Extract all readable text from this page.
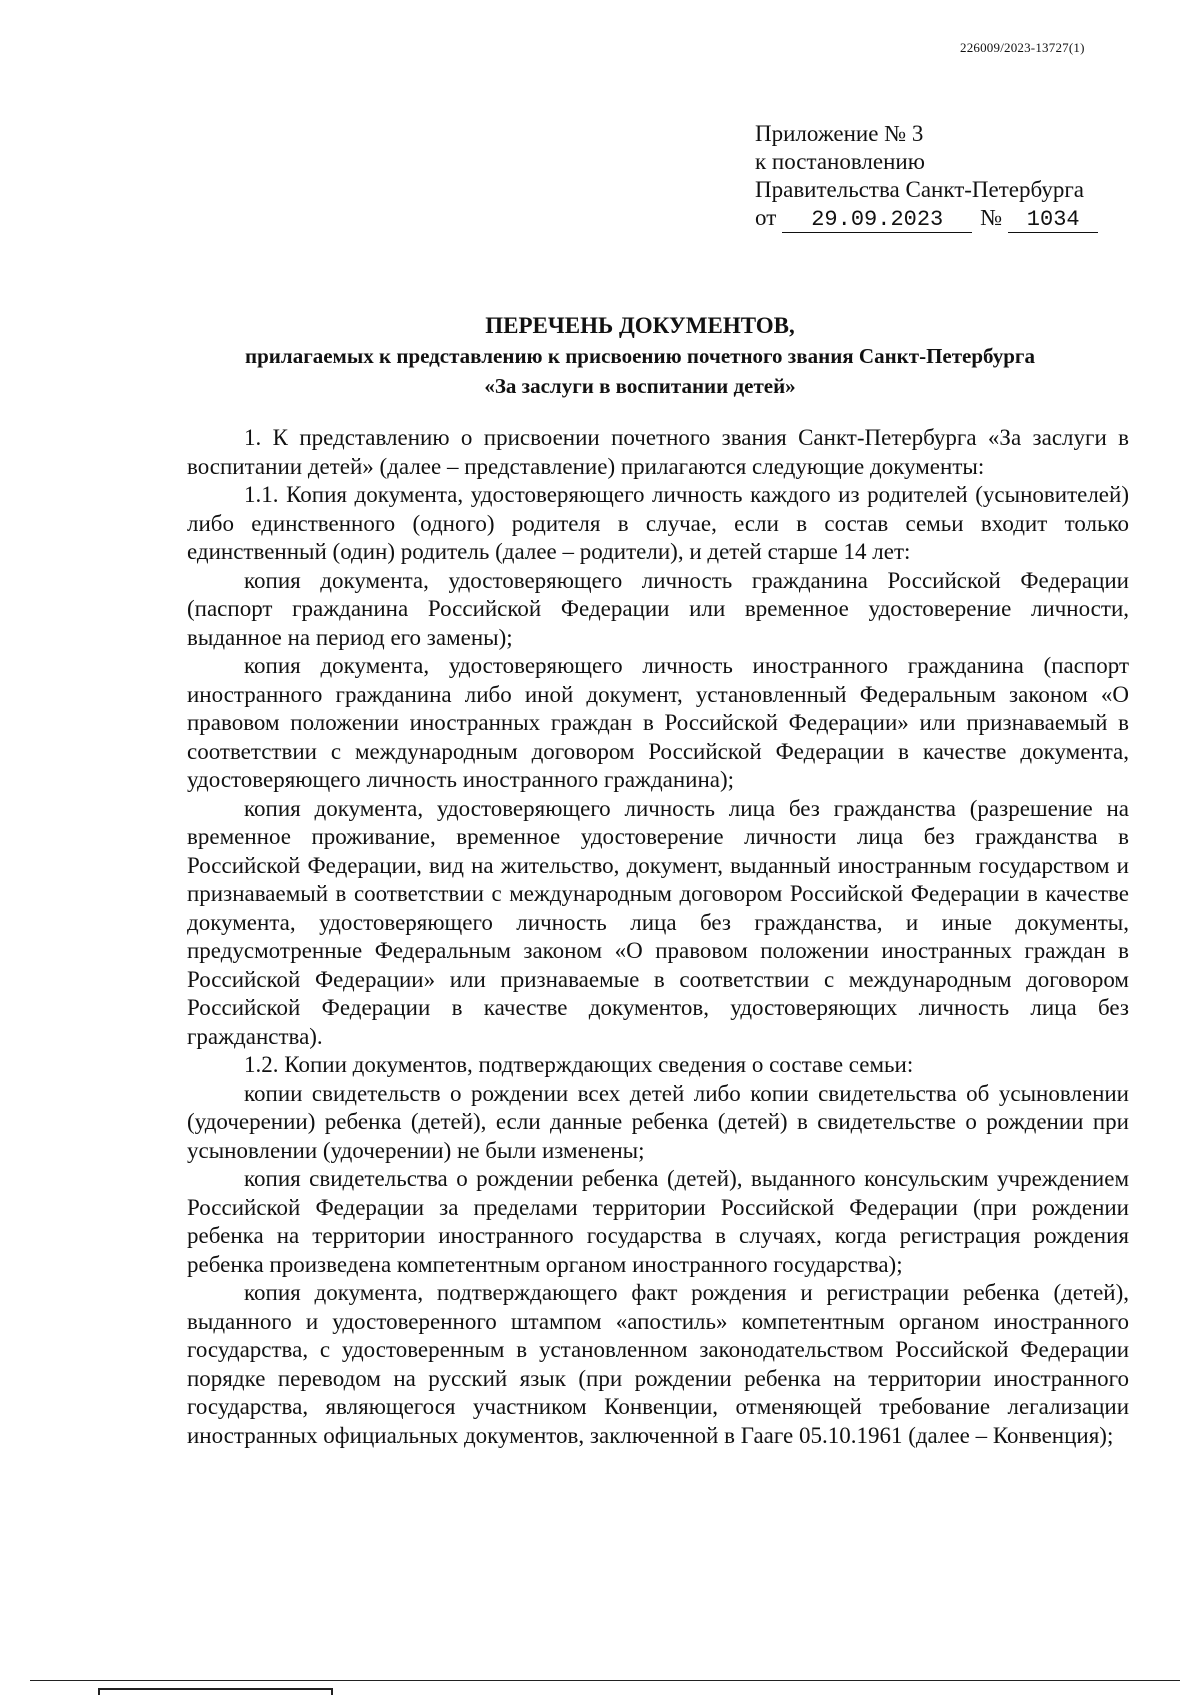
226009/2023-13727(1)
Приложение № 3
к постановлению
Правительства Санкт-Петербурга
от 29.09.2023 № 1034
ПЕРЕЧЕНЬ ДОКУМЕНТОВ,
прилагаемых к представлению к присвоению почетного звания Санкт-Петербурга
«За заслуги в воспитании детей»

1. К представлению о присвоении почетного звания Санкт-Петербурга «За заслуги в воспитании детей» (далее – представление) прилагаются следующие документы:

1.1. Копия документа, удостоверяющего личность каждого из родителей (усыновителей) либо единственного (одного) родителя в случае, если в состав семьи входит только единственный (один) родитель (далее – родители), и детей старше 14 лет:

копия документа, удостоверяющего личность гражданина Российской Федерации (паспорт гражданина Российской Федерации или временное удостоверение личности, выданное на период его замены);

копия документа, удостоверяющего личность иностранного гражданина (паспорт иностранного гражданина либо иной документ, установленный Федеральным законом «О правовом положении иностранных граждан в Российской Федерации» или признаваемый в соответствии с международным договором Российской Федерации в качестве документа, удостоверяющего личность иностранного гражданина);

копия документа, удостоверяющего личность лица без гражданства (разрешение на временное проживание, временное удостоверение личности лица без гражданства в Российской Федерации, вид на жительство, документ, выданный иностранным государством и признаваемый в соответствии с международным договором Российской Федерации в качестве документа, удостоверяющего личность лица без гражданства, и иные документы, предусмотренные Федеральным законом «О правовом положении иностранных граждан в Российской Федерации» или признаваемые в соответствии с международным договором Российской Федерации в качестве документов, удостоверяющих личность лица без гражданства).

1.2. Копии документов, подтверждающих сведения о составе семьи:

копии свидетельств о рождении всех детей либо копии свидетельства об усыновлении (удочерении) ребенка (детей), если данные ребенка (детей) в свидетельстве о рождении при усыновлении (удочерении) не были изменены;

копия свидетельства о рождении ребенка (детей), выданного консульским учреждением Российской Федерации за пределами территории Российской Федерации (при рождении ребенка на территории иностранного государства в случаях, когда регистрация рождения ребенка произведена компетентным органом иностранного государства);

копия документа, подтверждающего факт рождения и регистрации ребенка (детей), выданного и удостоверенного штампом «апостиль» компетентным органом иностранного государства, с удостоверенным в установленном законодательством Российской Федерации порядке переводом на русский язык (при рождении ребенка на территории иностранного государства, являющегося участником Конвенции, отменяющей требование легализации иностранных официальных документов, заключенной в Гааге 05.10.1961 (далее – Конвенция);
